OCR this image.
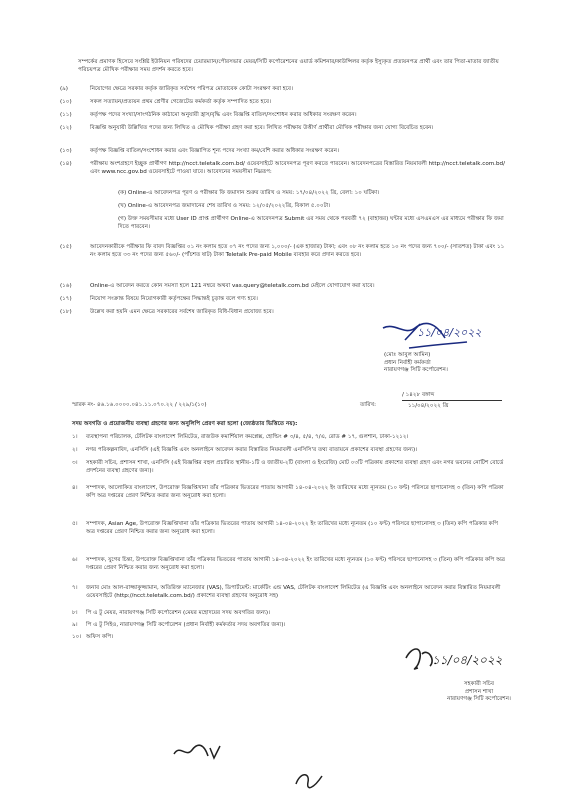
সম্পর্কের প্রমাণক হিসেবে সংশ্লিষ্ট ইউনিয়ন পরিষদের চেয়ারম্যান/পৌরসভার মেয়র/সিটি কর্পোরেশনের ওয়ার্ড কমিশনার/কাউন্সিলর কর্তৃক ইস্যুকৃত প্রত্যয়নপত্র প্রার্থী এবং তার পিতা-মাতার জাতীয় পরিচয়পত্র মৌখিক পরীক্ষার সময় প্রদর্শন করতে হবে।
(৯)	নিয়োগের ক্ষেত্রে সরকার কর্তৃক জারিকৃত সর্বশেষ পরিপত্র মোতাবেক কোটা সংরক্ষণ করা হবে।
(১০)	সকল সত্যায়ন/প্রত্যয়ন প্রথম শ্রেণীর গেজেটেড কর্মকর্তা কর্তৃক সম্পাদিত হতে হবে।
(১১)	কর্তৃপক্ষ পদের সংখ্যা/সাংগঠনিক কাঠামো অনুযায়ী হ্রাস/বৃদ্ধি এবং বিজ্ঞপ্তি বাতিল/সংশোধন করার অধিকার সংরক্ষণ করেন।
(১২)	বিজ্ঞপ্তি অনুযায়ী উল্লিখিত পদের জন্য লিখিত ও মৌখিক পরীক্ষা গ্রহণ করা হবে। লিখিত পরীক্ষায় উত্তীর্ণ প্রার্থীরা মৌখিক পরীক্ষার জন্য যোগ্য বিবেচিত হবেন।
(১৩)	কর্তৃপক্ষ বিজ্ঞপ্তি বাতিল/সংশোধন করার এবং বিজ্ঞাপিত শূন্য পদের সংখ্যা কম/বেশি করার অধিকার সংরক্ষণ করেন।
(১৪)	পরীক্ষায় অংশগ্রহণে ইচ্ছুক প্রার্থীগণ http://ncct.teletalk.com.bd/ ওয়েবসাইটে আবেদনপত্র পূরণ করতে পারবেন। আবেদনপত্রের বিস্তারিত নিয়মাবলী http://ncct.teletalk.com.bd/ এবং www.ncc.gov.bd ওয়েবসাইটে পাওয়া যাবে। আবেদনের সময়সীমা নিম্নরূপ:
(ক) Online-এ আবেদনপত্র পূরণ ও পরীক্ষার ফি জমাদান শুরুর তারিখ ও সময়: ১৭/০৪/২০২২ খ্রি, বেলা: ১০ ঘটিকা।
(খ) Online-এ আবেদনপত্র জমাদানের শেষ তারিখ ও সময়: ১২/০৫/২০২২খ্রি, বিকাল ৫.০০টা।
(গ) উক্ত সময়সীমার মধ্যে User ID প্রাপ্ত প্রার্থীগণ Online-এ আবেদনপত্র Submit এর সময় থেকে পরবর্তী ৭২ (বাহাত্তর) ঘন্টার মধ্যে এসএমএস এর মাধ্যমে পরীক্ষার ফি জমা দিতে পারবেন।
(১৫)	আবেদনকারীকে পরীক্ষার ফি বাবদ বিজ্ঞপ্তির ০১ নং কলাম হতে ০৭ নং পদের জন্য ১,০০০/- (এক হাজার) টাকা; এবং ০৮ নং কলাম হতে ১০ নং পদের জন্য ৭০০/- (সাতশত) টাকা এবং ১১ নং কলাম হতে ৩৩ নং পদের জন্য ৫৬০/- (পাঁচশত ষাট) টাকা Teletalk Pre-paid Mobile ব্যবহার করে প্রদান করতে হবে।
(১৬)	Online-এ আবেদন করতে কোন সমস্যা হলে 121 নম্বরে অথবা vas.query@teletalk.com.bd মেইলে যোগাযোগ করা যাবে।
(১৭)	নিয়োগ সংক্রান্ত বিষয়ে নিয়োগকারী কর্তৃপক্ষের সিদ্ধান্তই চূড়ান্ত বলে গণ্য হবে।
(১৮)	উল্লেখ করা হয়নি এমন ক্ষেত্রে সরকারের সর্বশেষ জারিকৃত বিধি-বিধান প্রযোজ্য হবে।
১১/০৪/২০২২
(মোঃ আবুল আমিন)
প্রধান নির্বাহী কর্মকর্তা
নারায়ণগঞ্জ সিটি কর্পোরেশন।
স্মারক নং- ৪৬.১৬.০০০০.০৪১.১১.০৭০.২২ / ২২৯/১(১০)	তারিখ:
/ ১৪২৮ বঙ্গাব্দ
১১/০৪/২০২২ খ্রি
সদয় অবগতি ও প্রয়োজনীয় ব্যবস্থা গ্রহণের জন্য অনুলিপি প্রেরণ করা হলো (জ্যেষ্ঠতার ভিত্তিতে নয়):
১।	ব্যবস্থাপনা পরিচালক, টেলিটক বাংলাদেশ লিমিটেড, রাজউক কমার্শিয়াল কমপ্লেক্স, হোল্ডিং # ৩/৪, ৫/৪, ৭/এ, রোড # ১৭, গুলশান, ঢাকা-১২১২।
২।	নগর পরিকল্পনাবিদ, এনসিসি (এই বিজ্ঞপ্তি এবং অনলাইনে আবেদন করার বিস্তারিত নিয়মাবলী এনসিসি'র তথ্য বাতায়নে প্রকাশের ব্যবস্থা গ্রহণের জন্য)।
৩।	সহকারী সচিব, প্রশাসন শাখা, এনসিসি (এই বিজ্ঞপ্তির বহুল প্রচারিত স্থানীয়-১টি ও জাতীয়-২টি (বাংলা ও ইংরেজি) মোট ০৩টি পত্রিকায় প্রকাশের ব্যবস্থা গ্রহণ এবং নগর ভবনের নোটিশ বোর্ডে প্রদর্শনের ব্যবস্থা গ্রহণের জন্য)।
৪।	সম্পাদক, আলোকিত বাংলাদেশ, উপরোক্ত বিজ্ঞপ্তিখানা তাঁর পত্রিকার ভিতরের পাতায় আগামী ১৪-০৪-২০২২ ইং তারিখের মধ্যে ন্যূনতম (১০ ফন্ট) পরিসরে ছাপানোসহ ৩ (তিন) কপি পত্রিকা কপি অত্র দপ্তরের প্রেরণ নিশ্চিত করার জন্য অনুরোধ করা হলো।
৫।	সম্পাদক, Asian Age, উপরোক্ত বিজ্ঞপ্তিখানা তাঁর পত্রিকার ভিতরের পাতায় আগামী ১৪-০৪-২০২২ ইং তারিখের মধ্যে ন্যূনতম (১০ ফন্ট) পরিসরে ছাপানোসহ ৩ (তিন) কপি পত্রিকার কপি অত্র দপ্তরের প্রেরণ নিশ্চিত করার জন্য অনুরোধ করা হলো।
৬।	সম্পাদক, যুগের চিন্তা, উপরোক্ত বিজ্ঞপ্তিখানা তাঁর পত্রিকার ভিতরের পাতায় আগামী ১৪-০৪-২০২২ ইং তারিখের মধ্যে ন্যূনতম (১০ ফন্ট) পরিসরে ছাপানোসহ ৩ (তিন) কপি পত্রিকার কপি অত্র দপ্তরের প্রেরণ নিশ্চিত করার জন্য অনুরোধ করা হলো।
৭।	জনাব মোঃ আল-রাজ্জাকুজ্জামান, অতিরিক্ত ম্যানেজার (VAS), ডিপার্টমেন্ট: মার্কেটিং এন্ড VAS, টেলিটক বাংলাদেশ লিমিটেড (এ বিজ্ঞপ্তি এবং অনলাইনে আবেদন করার বিস্তারিত নিয়মাবলী ওয়েবসাইটে (http://ncct.teletalk.com.bd/) প্রকাশের ব্যবস্থা গ্রহণের অনুরোধ সহ)
৮।	পি এ টু মেয়র, নারায়ণগঞ্জ সিটি কর্পোরেশন (মেয়র মহোদয়ের সদয় অবগতির জন্য)।
৯।	পি এ টু সিইও, নারায়ণগঞ্জ সিটি কর্পোরেশন (প্রধান নির্বাহী কর্মকর্তার সদয় অবগতির জন্য)।
১০। অফিস কপি।
১১/০৪/২০২২
সহকারী সচিব
প্রশাসন শাখা
নারায়ণগঞ্জ সিটি কর্পোরেশন।
